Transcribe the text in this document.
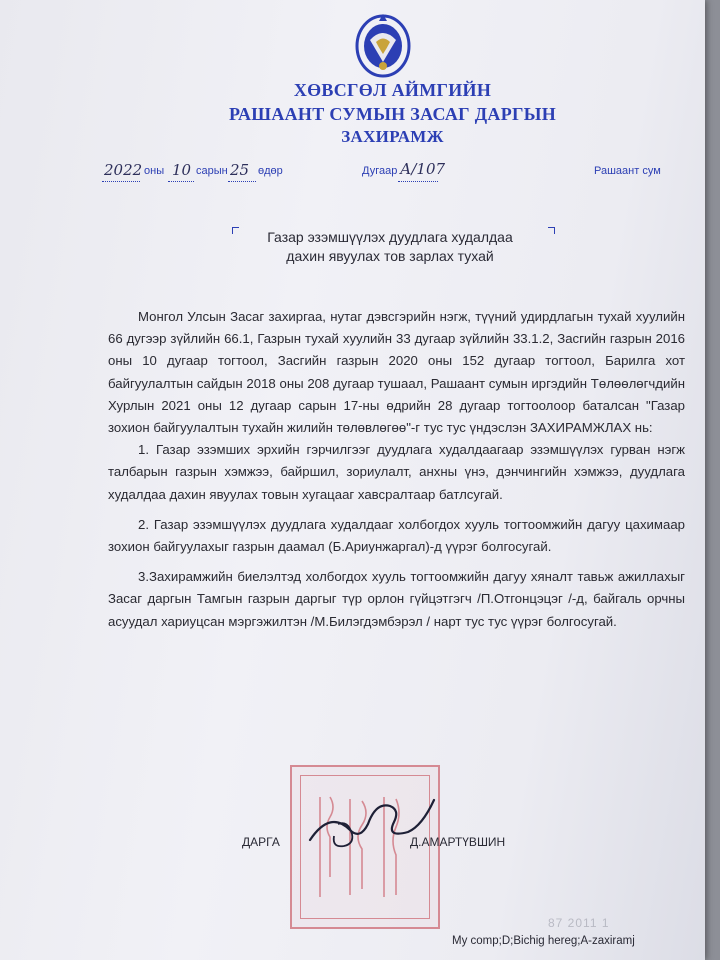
ХӨВСГӨЛ АЙМГИЙН
РАШААНТ СУМЫН ЗАСАГ ДАРГЫН
ЗАХИРАМЖ
2022 оны 10 сарын 25 өдөр	Дугаар А/107	Рашаант сум
Газар эзэмшүүлэх дуудлага худалдаа
дахин явуулах тов зарлах тухай

Монгол Улсын Засаг захиргаа, нутаг дэвсгэрийн нэгж, түүний удирдлагын тухай хуулийн 66 дугээр зүйлийн 66.1, Газрын тухай хуулийн 33 дугаар зүйлийн 33.1.2, Засгийн газрын 2016 оны 10 дугаар тогтоол, Засгийн газрын 2020 оны 152 дугаар тогтоол, Барилга хот байгуулалтын сайдын 2018 оны 208 дугаар тушаал, Рашаант сумын иргэдийн Төлөөлөгчдийн Хурлын 2021 оны 12 дугаар сарын 17-ны өдрийн 28 дугаар тогтоолоор баталсан "Газар зохион байгуулалтын тухайн жилийн төлөвлөгөө"-г тус тус үндэслэн ЗАХИРАМЖЛАХ нь:

1. Газар эзэмших эрхийн гэрчилгээг дуудлага худалдаагаар эзэмшүүлэх гурван нэгж талбарын газрын хэмжээ, байршил, зориулалт, анхны үнэ, дэнчингийн хэмжээ, дуудлага худалдаа дахин явуулах товын хугацааг хавсралтаар батлсугай.

2. Газар эзэмшүүлэх дуудлага худалдааг холбогдох хууль тогтоомжийн дагуу цахимаар зохион байгуулахыг газрын даамал (Б.Ариунжаргал)-д үүрэг болгосугай.

3.Захирамжийн биелэлтэд холбогдох хууль тогтоомжийн дагуу хяналт тавьж ажиллахыг Засаг даргын Тамгын газрын даргыг түр орлон гүйцэтгэгч /П.Отгонцэцэг /-д, байгаль орчны асуудал хариуцсан мэргэжилтэн /М.Билэгдэмбэрэл / нарт тус тус үүрэг болгосугай.

ДАРГА	Д.АМАРТҮВШИН
87 2011 1
My comp;D;Bichig hereg;A-zaxiramj
